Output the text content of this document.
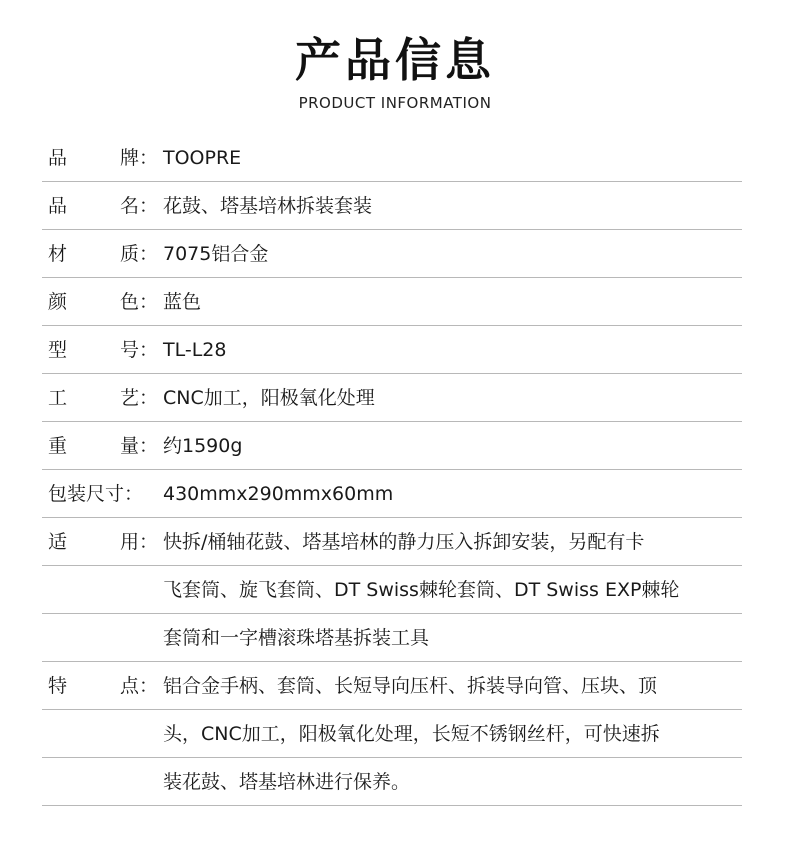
产品信息
PRODUCT INFORMATION
品	牌： TOOPRE
品	名： 花鼓、塔基培林拆装套装
材	质： 7075铝合金
颜	色： 蓝色
型	号： TL-L28
工	艺： CNC加工，阳极氧化处理
重	量： 约1590g
包装尺寸： 430mmx290mmx60mm
适	用： 快拆/桶轴花鼓、塔基培林的静力压入拆卸安装，另配有卡
飞套筒、旋飞套筒、DT Swiss棘轮套筒、DT Swiss EXP棘轮
套筒和一字槽滚珠塔基拆装工具
特	点： 铝合金手柄、套筒、长短导向压杆、拆装导向管、压块、顶
头，CNC加工，阳极氧化处理，长短不锈钢丝杆，可快速拆
装花鼓、塔基培林进行保养。
